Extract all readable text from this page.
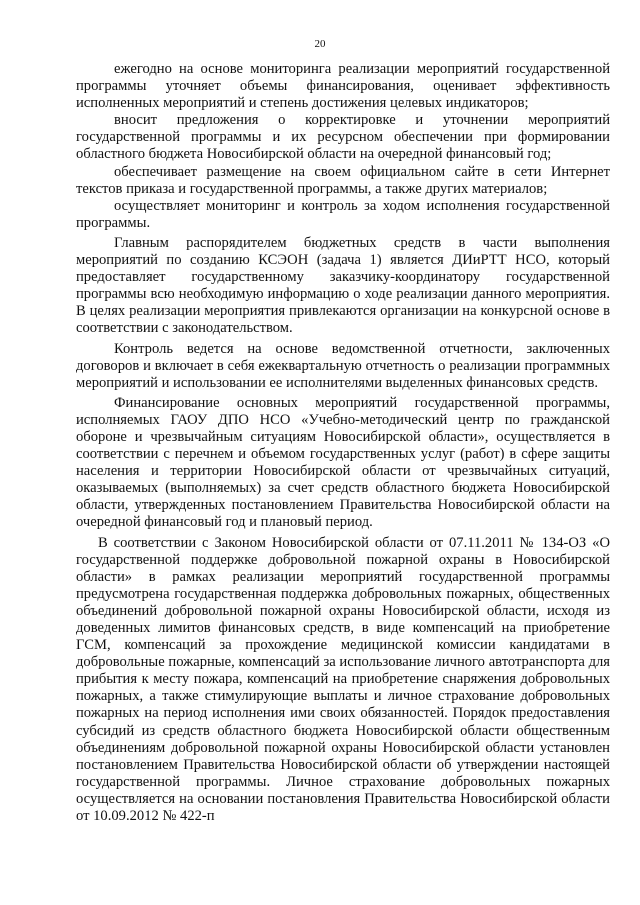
20

ежегодно на основе мониторинга реализации мероприятий государственной программы уточняет объемы финансирования, оценивает эффективность исполненных мероприятий и степень достижения целевых индикаторов;

вносит предложения о корректировке и уточнении мероприятий государственной программы и их ресурсном обеспечении при формировании областного бюджета Новосибирской области на очередной финансовый год;

обеспечивает размещение на своем официальном сайте в сети Интернет текстов приказа и государственной программы, а также других материалов;

осуществляет мониторинг и контроль за ходом исполнения государственной программы.

Главным распорядителем бюджетных средств в части выполнения мероприятий по созданию КСЭОН (задача 1) является ДИиРТТ НСО, который предоставляет государственному заказчику-координатору государственной программы всю необходимую информацию о ходе реализации данного мероприятия. В целях реализации мероприятия привлекаются организации на конкурсной основе в соответствии с законодательством.

Контроль ведется на основе ведомственной отчетности, заключенных договоров и включает в себя ежеквартальную отчетность о реализации программных мероприятий и использовании ее исполнителями выделенных финансовых средств.

Финансирование основных мероприятий государственной программы, исполняемых ГАОУ ДПО НСО «Учебно-методический центр по гражданской обороне и чрезвычайным ситуациям Новосибирской области», осуществляется в соответствии с перечнем и объемом государственных услуг (работ) в сфере защиты населения и территории Новосибирской области от чрезвычайных ситуаций, оказываемых (выполняемых) за счет средств областного бюджета Новосибирской области, утвержденных постановлением Правительства Новосибирской области на очередной финансовый год и плановый период.

В соответствии с Законом Новосибирской области от 07.11.2011 № 134-ОЗ «О государственной поддержке добровольной пожарной охраны в Новосибирской области» в рамках реализации мероприятий государственной программы предусмотрена государственная поддержка добровольных пожарных, общественных объединений добровольной пожарной охраны Новосибирской области, исходя из доведенных лимитов финансовых средств, в виде компенсаций на приобретение ГСМ, компенсаций за прохождение медицинской комиссии кандидатами в добровольные пожарные, компенсаций за использование личного автотранспорта для прибытия к месту пожара, компенсаций на приобретение снаряжения добровольных пожарных, а также стимулирующие выплаты и личное страхование добровольных пожарных на период исполнения ими своих обязанностей. Порядок предоставления субсидий из средств областного бюджета Новосибирской области общественным объединениям добровольной пожарной охраны Новосибирской области установлен постановлением Правительства Новосибирской области об утверждении настоящей государственной программы. Личное страхование добровольных пожарных осуществляется на основании постановления Правительства Новосибирской области от 10.09.2012 № 422-п
